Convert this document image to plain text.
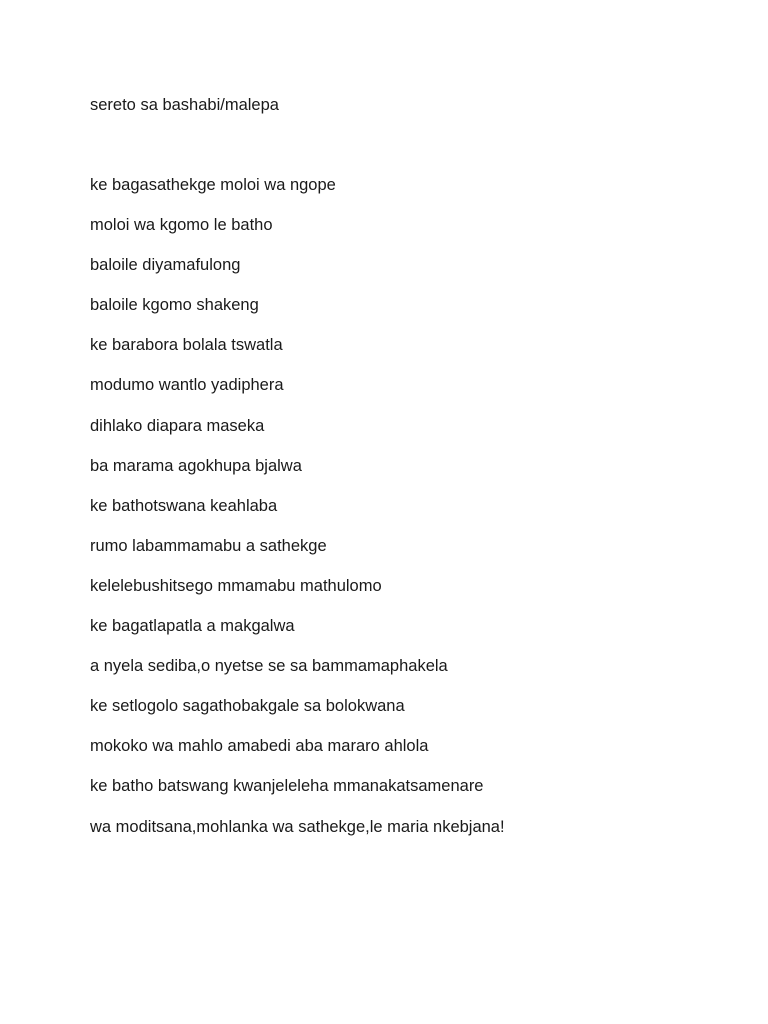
sereto sa bashabi/malepa
ke bagasathekge moloi wa ngope
moloi wa kgomo le batho
baloile diyamafulong
baloile kgomo shakeng
ke barabora bolala tswatla
modumo wantlo yadiphera
dihlako diapara maseka
ba marama agokhupa bjalwa
ke bathotswana keahlaba
rumo labammamabu a sathekge
kelelebushitsego mmamabu mathulomo
ke bagatlapatla a makgalwa
a nyela sediba,o nyetse se sa bammamaphakela
ke setlogolo sagathobakgale sa bolokwana
mokoko wa mahlo amabedi aba mararo ahlola
ke batho batswang kwanjeleleha mmanakatsamenare
wa moditsana,mohlanka wa sathekge,le maria nkebjana!
